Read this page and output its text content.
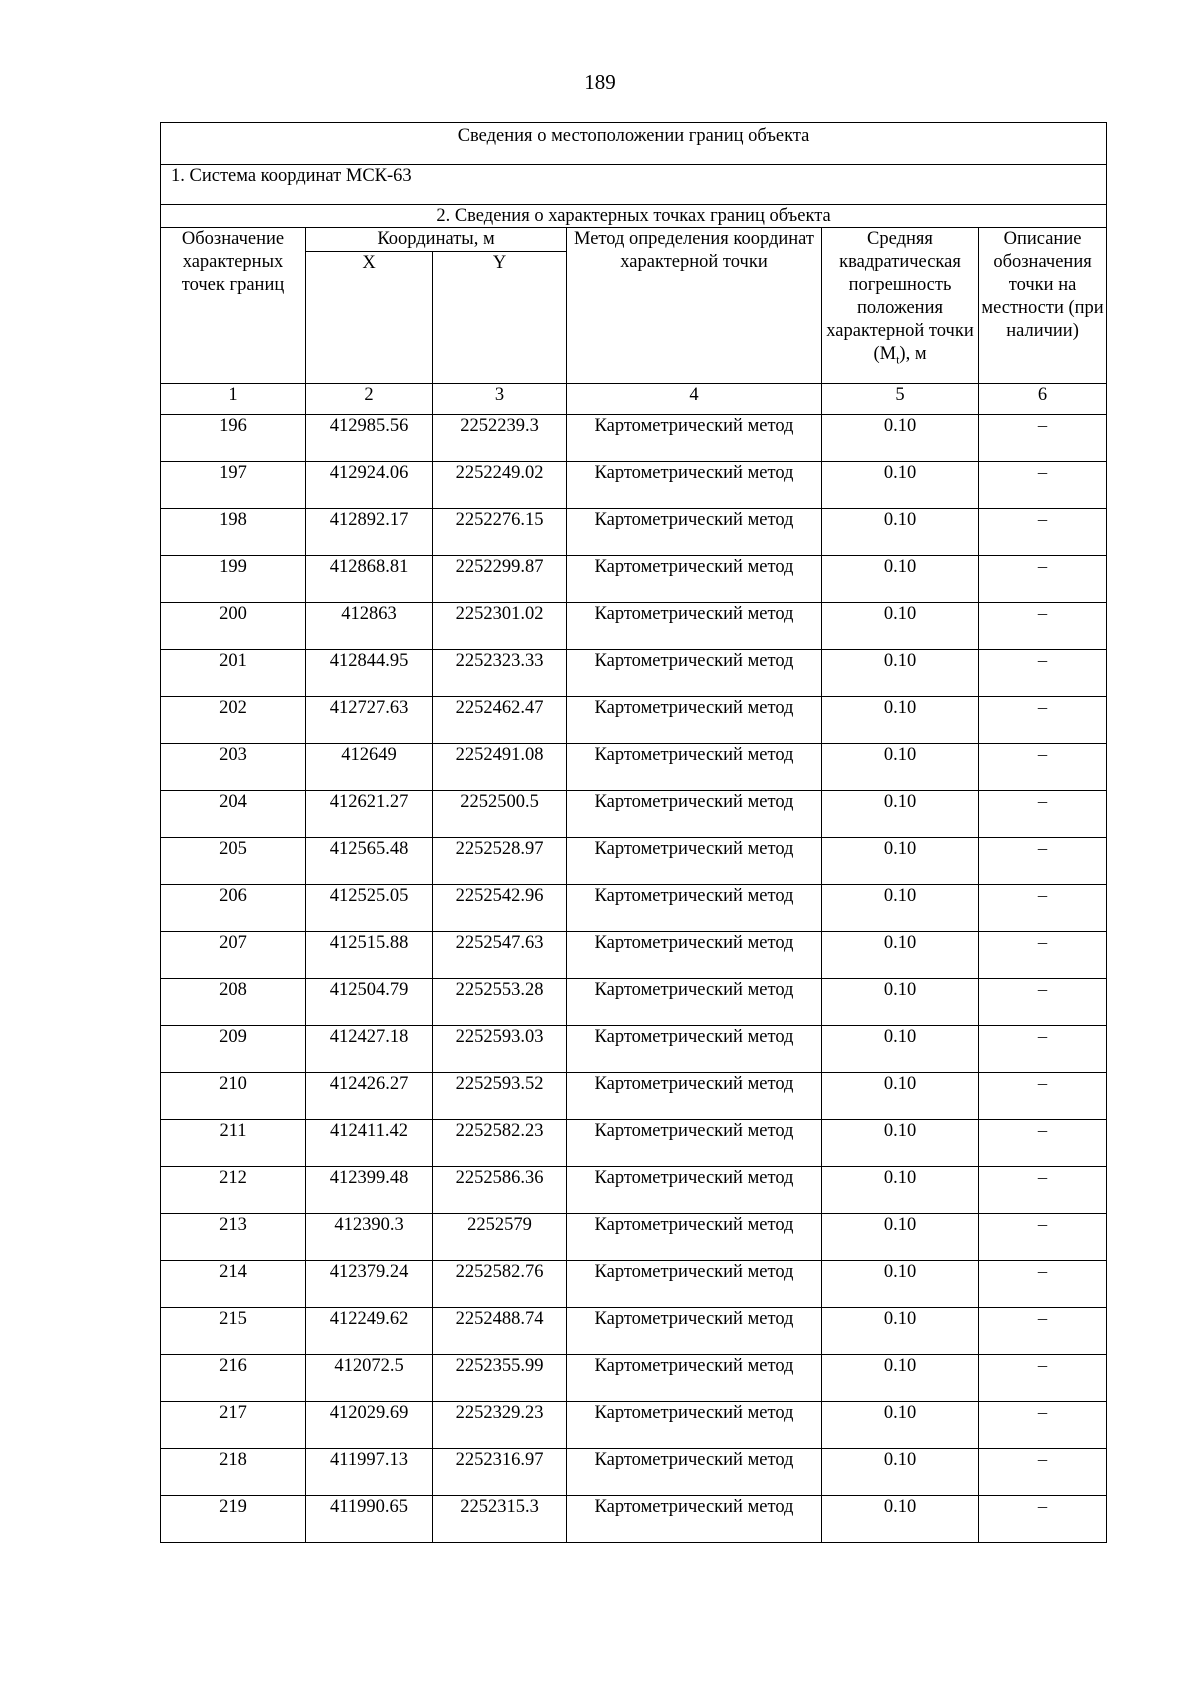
189
Сведения о местоположении границ объекта					
1. Система координат МСК-63					
2. Сведения о характерных точках границ объекта					
Обозначение характерных точек границ	Координаты, м		Метод определения координат характерной точки	Средняя квадратическая погрешность положения характерной точки $(M_t)$, м	Описание обозначения точки на местности (при наличии)
	X	Y			
1	2	3	4	5	6
196	412985.56	2252239.3	Картометрический метод	0.10	–
197	412924.06	2252249.02	Картометрический метод	0.10	–
198	412892.17	2252276.15	Картометрический метод	0.10	–
199	412868.81	2252299.87	Картометрический метод	0.10	–
200	412863	2252301.02	Картометрический метод	0.10	–
201	412844.95	2252323.33	Картометрический метод	0.10	–
202	412727.63	2252462.47	Картометрический метод	0.10	–
203	412649	2252491.08	Картометрический метод	0.10	–
204	412621.27	2252500.5	Картометрический метод	0.10	–
205	412565.48	2252528.97	Картометрический метод	0.10	–
206	412525.05	2252542.96	Картометрический метод	0.10	–
207	412515.88	2252547.63	Картометрический метод	0.10	–
208	412504.79	2252553.28	Картометрический метод	0.10	–
209	412427.18	2252593.03	Картометрический метод	0.10	–
210	412426.27	2252593.52	Картометрический метод	0.10	–
211	412411.42	2252582.23	Картометрический метод	0.10	–
212	412399.48	2252586.36	Картометрический метод	0.10	–
213	412390.3	2252579	Картометрический метод	0.10	–
214	412379.24	2252582.76	Картометрический метод	0.10	–
215	412249.62	2252488.74	Картометрический метод	0.10	–
216	412072.5	2252355.99	Картометрический метод	0.10	–
217	412029.69	2252329.23	Картометрический метод	0.10	–
218	411997.13	2252316.97	Картометрический метод	0.10	–
219	411990.65	2252315.3	Картометрический метод	0.10	–
